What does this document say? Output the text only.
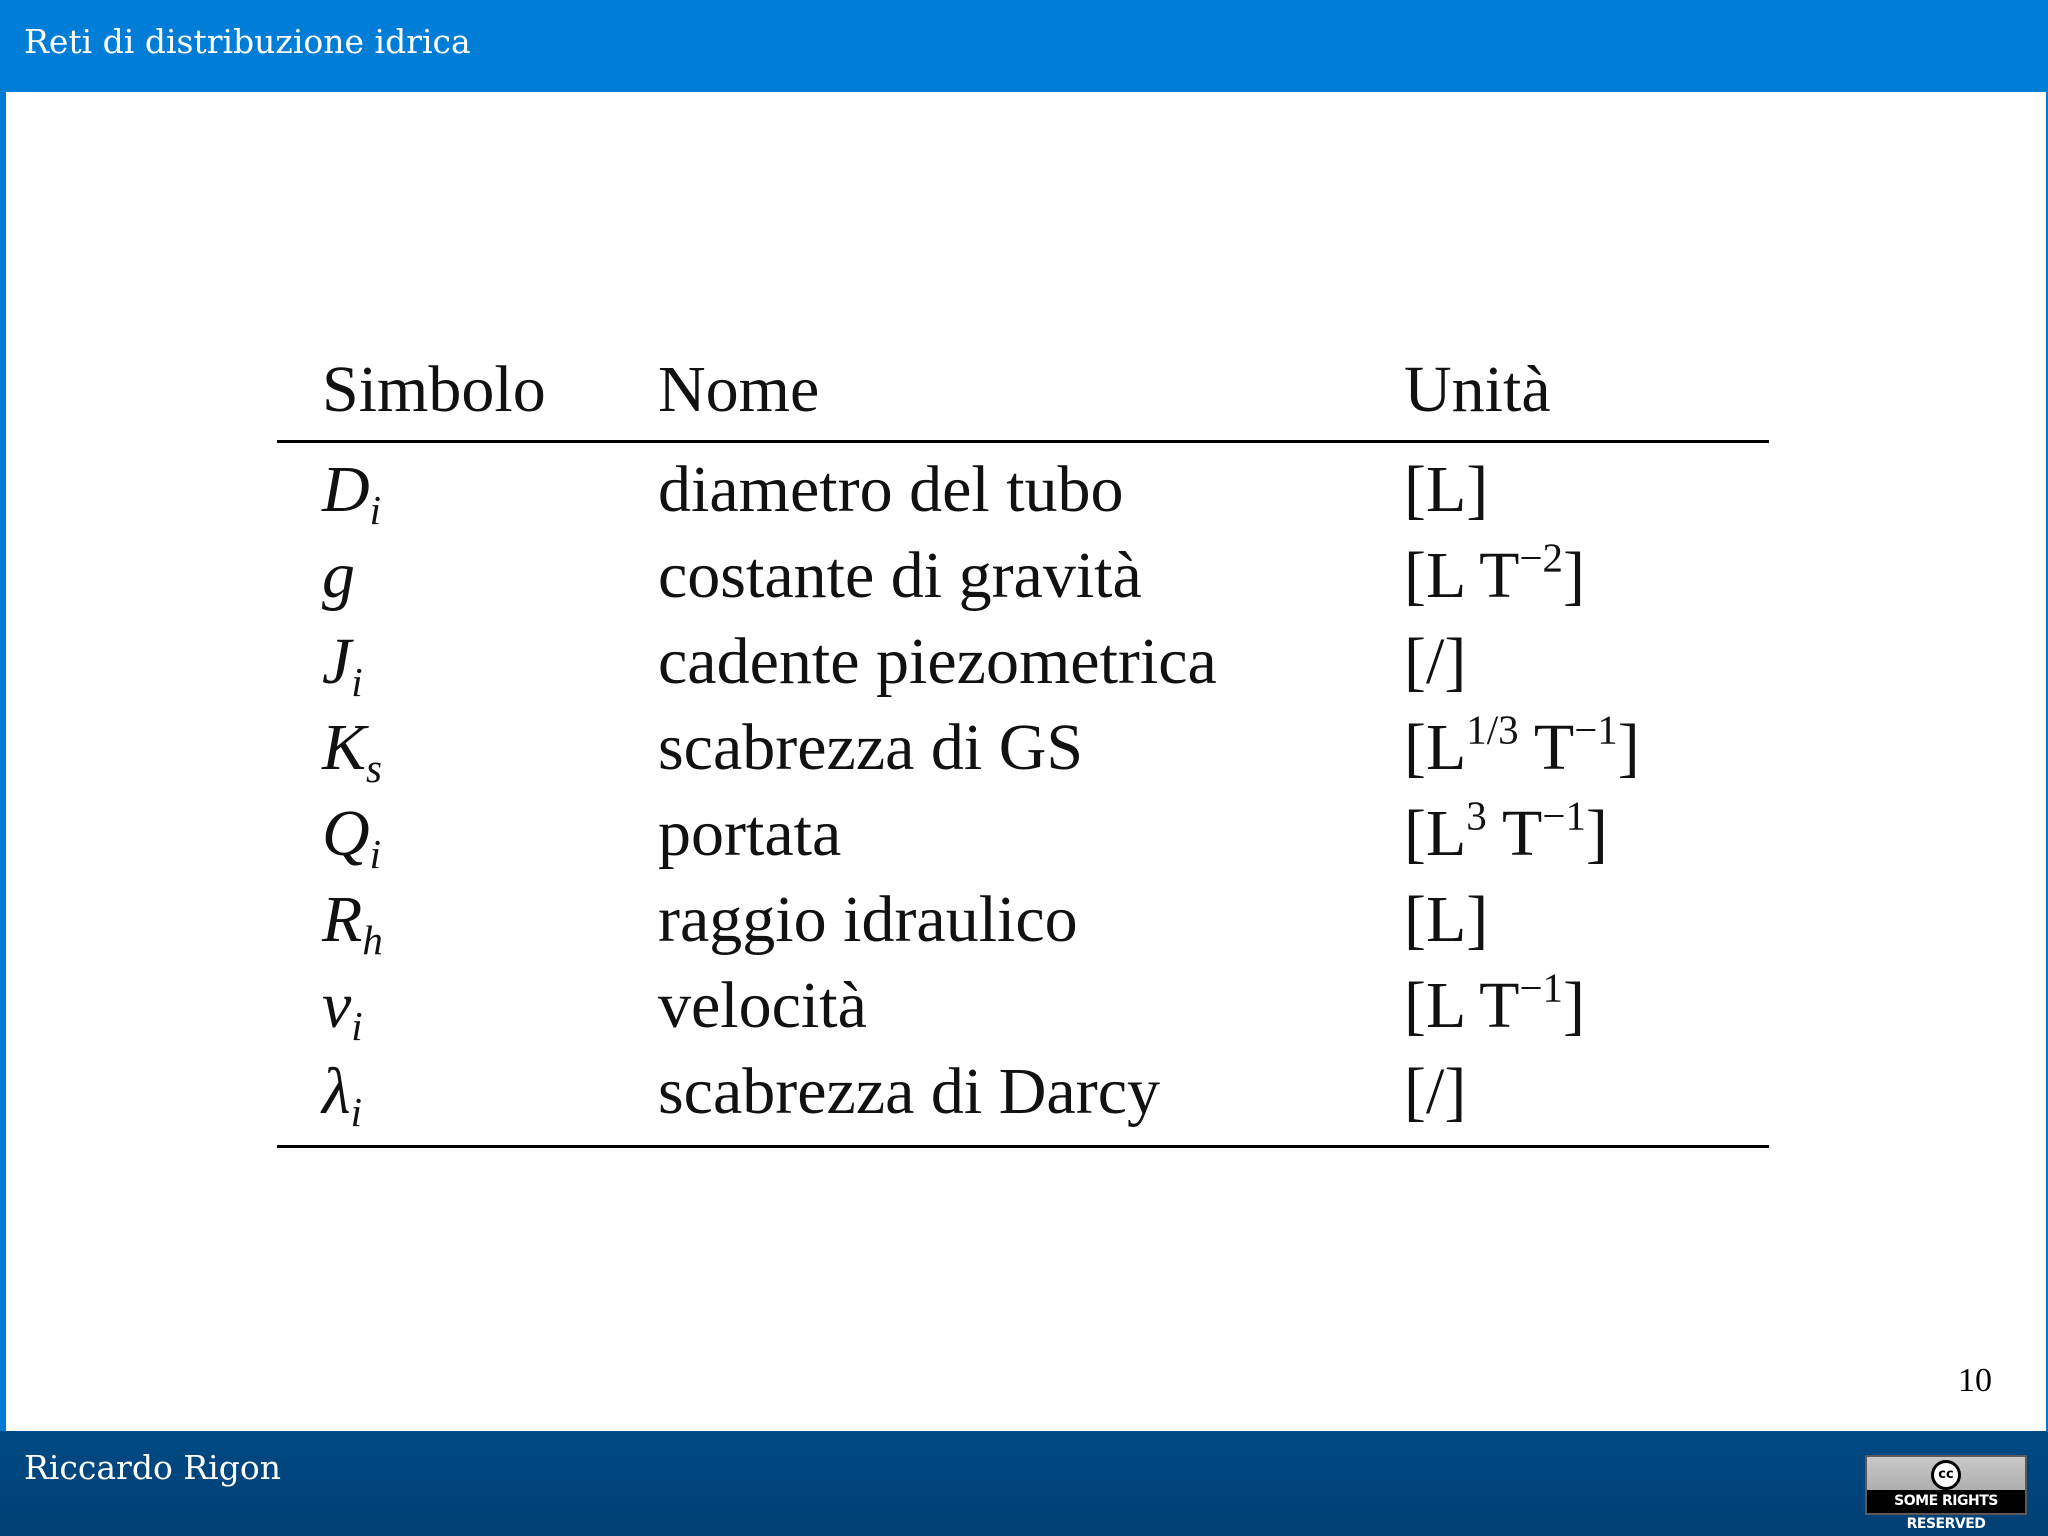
Reti di distribuzione idrica
Simbolo	Nome	Unità
$D_i$	diametro del tubo	[L]
g	costante di gravità	[L $T^{-2}$]
$J_i$	cadente piezometrica	[/]
$K_s$	scabrezza di GS	[$L^{1/3}$ $T^{-1}$]
$Q_i$	portata	[$L^3$ $T^{-1}$]
$R_h$	raggio idraulico	[L]
$v_i$	velocità	[L $T^{-1}$]
$\lambda_i$	scabrezza di Darcy	[/]
10
Riccardo Rigon	cc
SOME RIGHTS RESERVED
